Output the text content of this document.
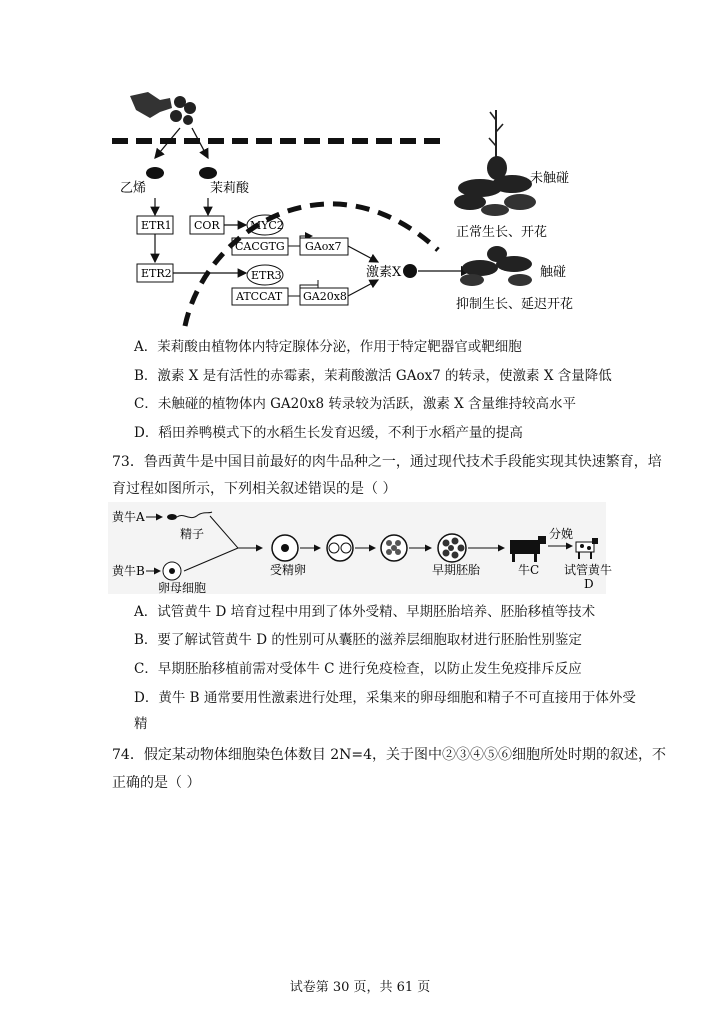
乙烯	茉莉酸
ETR1 COR	MYC2
ETR2	ETR3
CACGTG GAox7
ATCCAT GA20x8
激素X
未触碰
正常生长、开花
触碰
抑制生长、延迟开花
A．茉莉酸由植物体内特定腺体分泌，作用于特定靶器官或靶细胞
B．激素 X 是有活性的赤霉素，茉莉酸激活 GAox7 的转录，使激素 X 含量降低
C．未触碰的植物体内 GA20x8 转录较为活跃，激素 X 含量维持较高水平
D．稻田养鸭模式下的水稻生长发育迟缓，不利于水稻产量的提高
73．鲁西黄牛是中国目前最好的肉牛品种之一，通过现代技术手段能实现其快速繁育，培
育过程如图所示，下列相关叙述错误的是（ ）
黄牛A
精子
黄牛B
卵母细胞
受精卵	早期胚胎	牛C
分娩
试管黄牛
D
A．试管黄牛 D 培育过程中用到了体外受精、早期胚胎培养、胚胎移植等技术
B．要了解试管黄牛 D 的性别可从囊胚的滋养层细胞取材进行胚胎性别鉴定
C．早期胚胎移植前需对受体牛 C 进行免疫检查，以防止发生免疫排斥反应
D．黄牛 B 通常要用性激素进行处理，采集来的卵母细胞和精子不可直接用于体外受
精
74．假定某动物体细胞染色体数目 2N=4，关于图中②③④⑤⑥细胞所处时期的叙述，不
正确的是（ ）
试卷第 30 页，共 61 页
